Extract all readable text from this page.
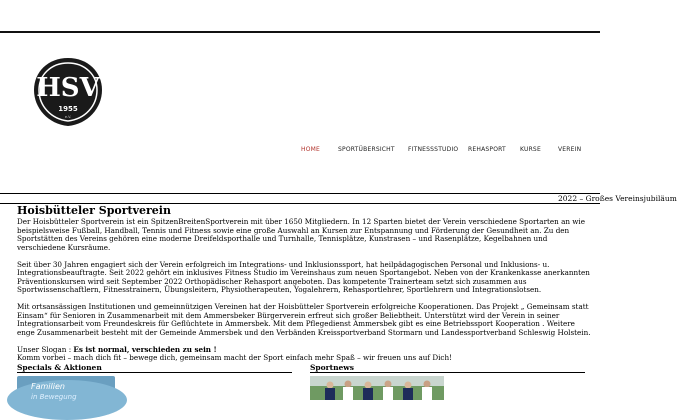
HSV
1955
e.V.
HOME	SPORTÜBERSICHT FITNESSSTUDIO REHASPORT KURSE	VEREIN
2022 – Großes Vereinsjubiläum
Hoisbütteler Sportverein

Der Hoisbütteler Sportverein ist ein SpitzenBreitenSportverein mit über 1650 Mitgliedern. In 12 Sparten bietet der Verein verschiedene Sportarten an wie beispielsweise Fußball, Handball, Tennis und Fitness sowie eine große Auswahl an Kursen zur Entspannung und Förderung der Gesundheit an. Zu den Sportstätten des Vereins gehören eine moderne Dreifeldsporthalle und Turnhalle, Tennisplätze, Kunstrasen – und Rasenplätze, Kegelbahnen und verschiedene Kursräume.

Seit über 30 Jahren engagiert sich der Verein erfolgreich im Integrations- und Inklusionssport, hat heilpädagogischen Personal und Inklusions- u. Integrationsbeauftragte. Seit 2022 gehört ein inklusives Fitness Studio im Vereinshaus zum neuen Sportangebot. Neben von der Krankenkasse anerkannten Präventionskursen wird seit September 2022 Orthopädischer Rehasport angeboten. Das kompetente Trainerteam setzt sich zusammen aus Sportwissenschaftlern, Fitnesstrainern, Übungsleitern, Physiotherapeuten, Yogalehrern, Rehasportlehrer, Sportlehrern und Integrationslotsen.

Mit ortsansässigen Institutionen und gemeinnützigen Vereinen hat der Hoisbütteler Sportverein erfolgreiche Kooperationen. Das Projekt „ Gemeinsam statt Einsam“ für Senioren in Zusammenarbeit mit dem Ammersbeker Bürgerverein erfreut sich großer Beliebtheit. Unterstützt wird der Verein in seiner Integrationsarbeit vom Freundeskreis für Geflüchtete in Ammersbek. Mit dem Pflegedienst Ammersbek gibt es eine Betriebssport Kooperation . Weitere enge Zusammenarbeit besteht mit der Gemeinde Ammersbek und den Verbänden Kreissportverband Stormarn und Landessportverband Schleswig Holstein.

Unser Slogan : Es ist normal, verschieden zu sein !

Komm vorbei – mach dich fit – bewege dich, gemeinsam macht der Sport einfach mehr Spaß – wir freuen uns auf Dich!

Specials & Aktionen	Sportnews
Familien
in Bewegung
